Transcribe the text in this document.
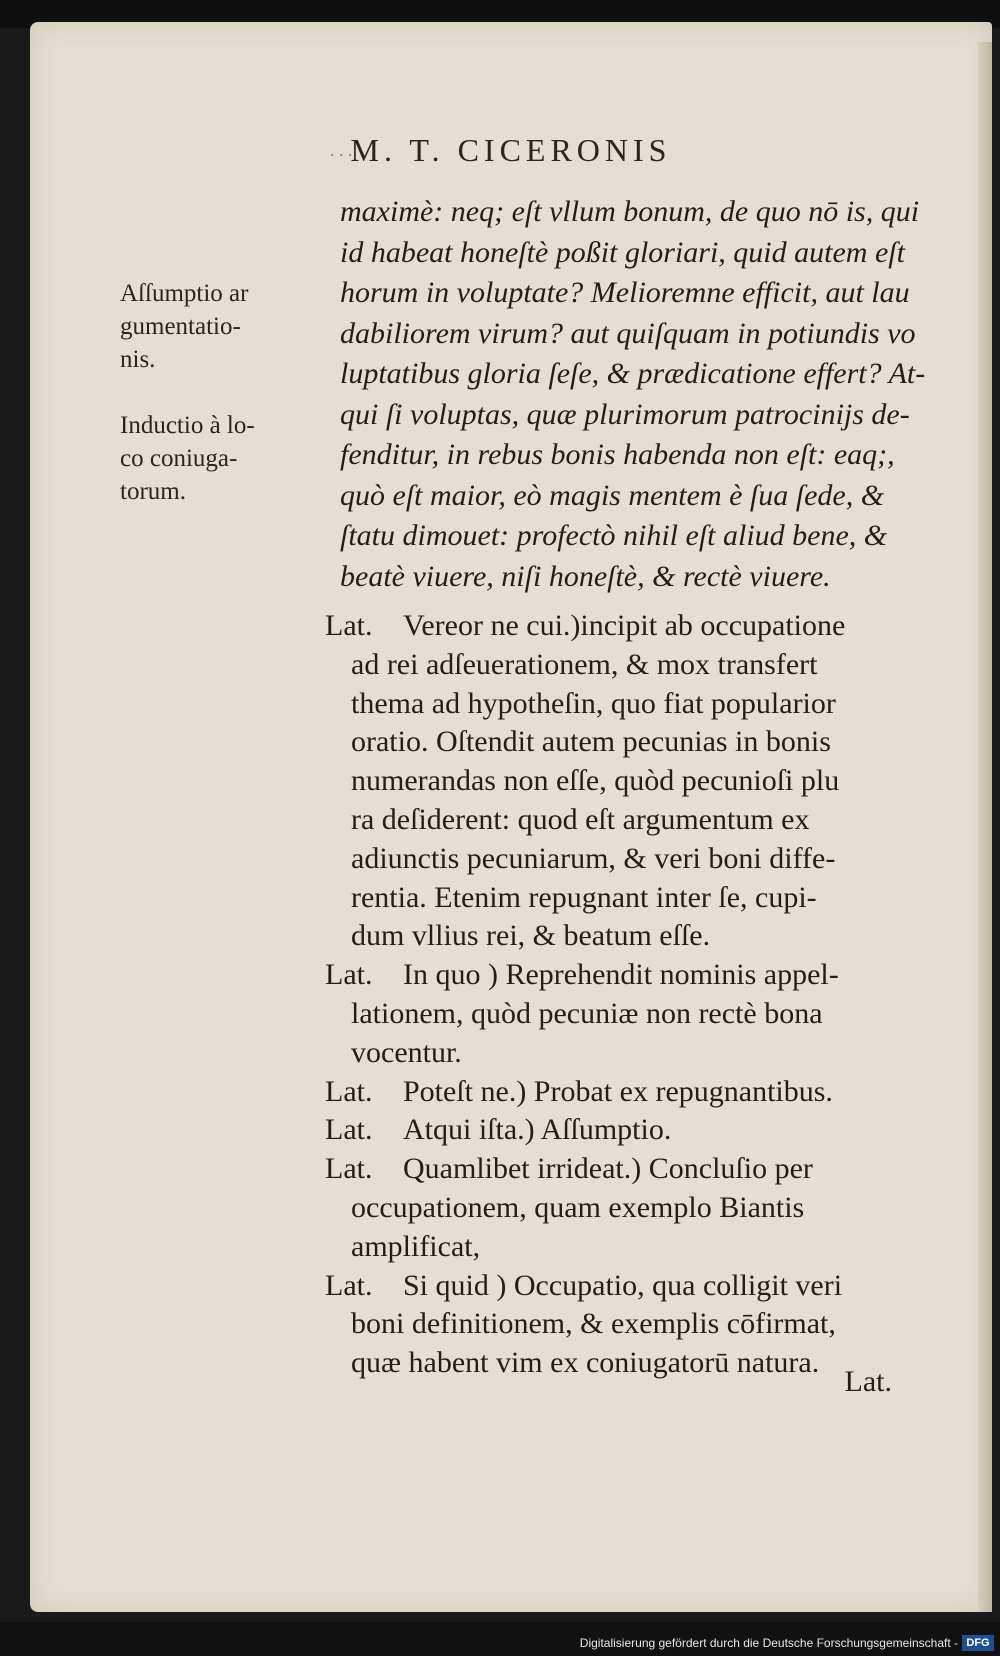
. . .
M. T. CICERONIS
Aſſumptio ar
gumentatio-
nis.
Inductio à lo-
co coniuga-
torum.
maximè: neq; eſt vllum bonum, de quo nō is, qui
id habeat honeſtè poßit gloriari, quid autem eſt
horum in voluptate? Melioremne efficit, aut lau
dabiliorem virum? aut quiſquam in potiundis vo
luptatibus gloria ſeſe, & prædicatione effert? At-
qui ſi voluptas, quæ plurimorum patrocinijs de-
fenditur, in rebus bonis habenda non eſt: eaq;,
quò eſt maior, eò magis mentem è ſua ſede, &
ſtatu dimouet: profectò nihil eſt aliud bene, &
beatè viuere, niſi honeſtè, & rectè viuere.
Lat. Vereor ne cui.)incipit ab occupatione
ad rei adſeuerationem, & mox transfert
thema ad hypotheſin, quo fiat popularior
oratio. Oſtendit autem pecunias in bonis
numerandas non eſſe, quòd pecunioſi plu
ra deſiderent: quod eſt argumentum ex
adiunctis pecuniarum, & veri boni diffe-
rentia. Etenim repugnant inter ſe, cupi-
dum vllius rei, & beatum eſſe.
Lat. In quo ) Reprehendit nominis appel-
lationem, quòd pecuniæ non rectè bona
vocentur.
Lat. Poteſt ne.) Probat ex repugnantibus.
Lat. Atqui iſta.) Aſſumptio.
Lat. Quamlibet irrideat.) Concluſio per
occupationem, quam exemplo Biantis
amplificat,
Lat. Si quid ) Occupatio, qua colligit veri
boni definitionem, & exemplis cōfirmat,
quæ habent vim ex coniugatorū natura.
Lat.
Digitalisierung gefördert durch die Deutsche Forschungsgemeinschaft - DFG
